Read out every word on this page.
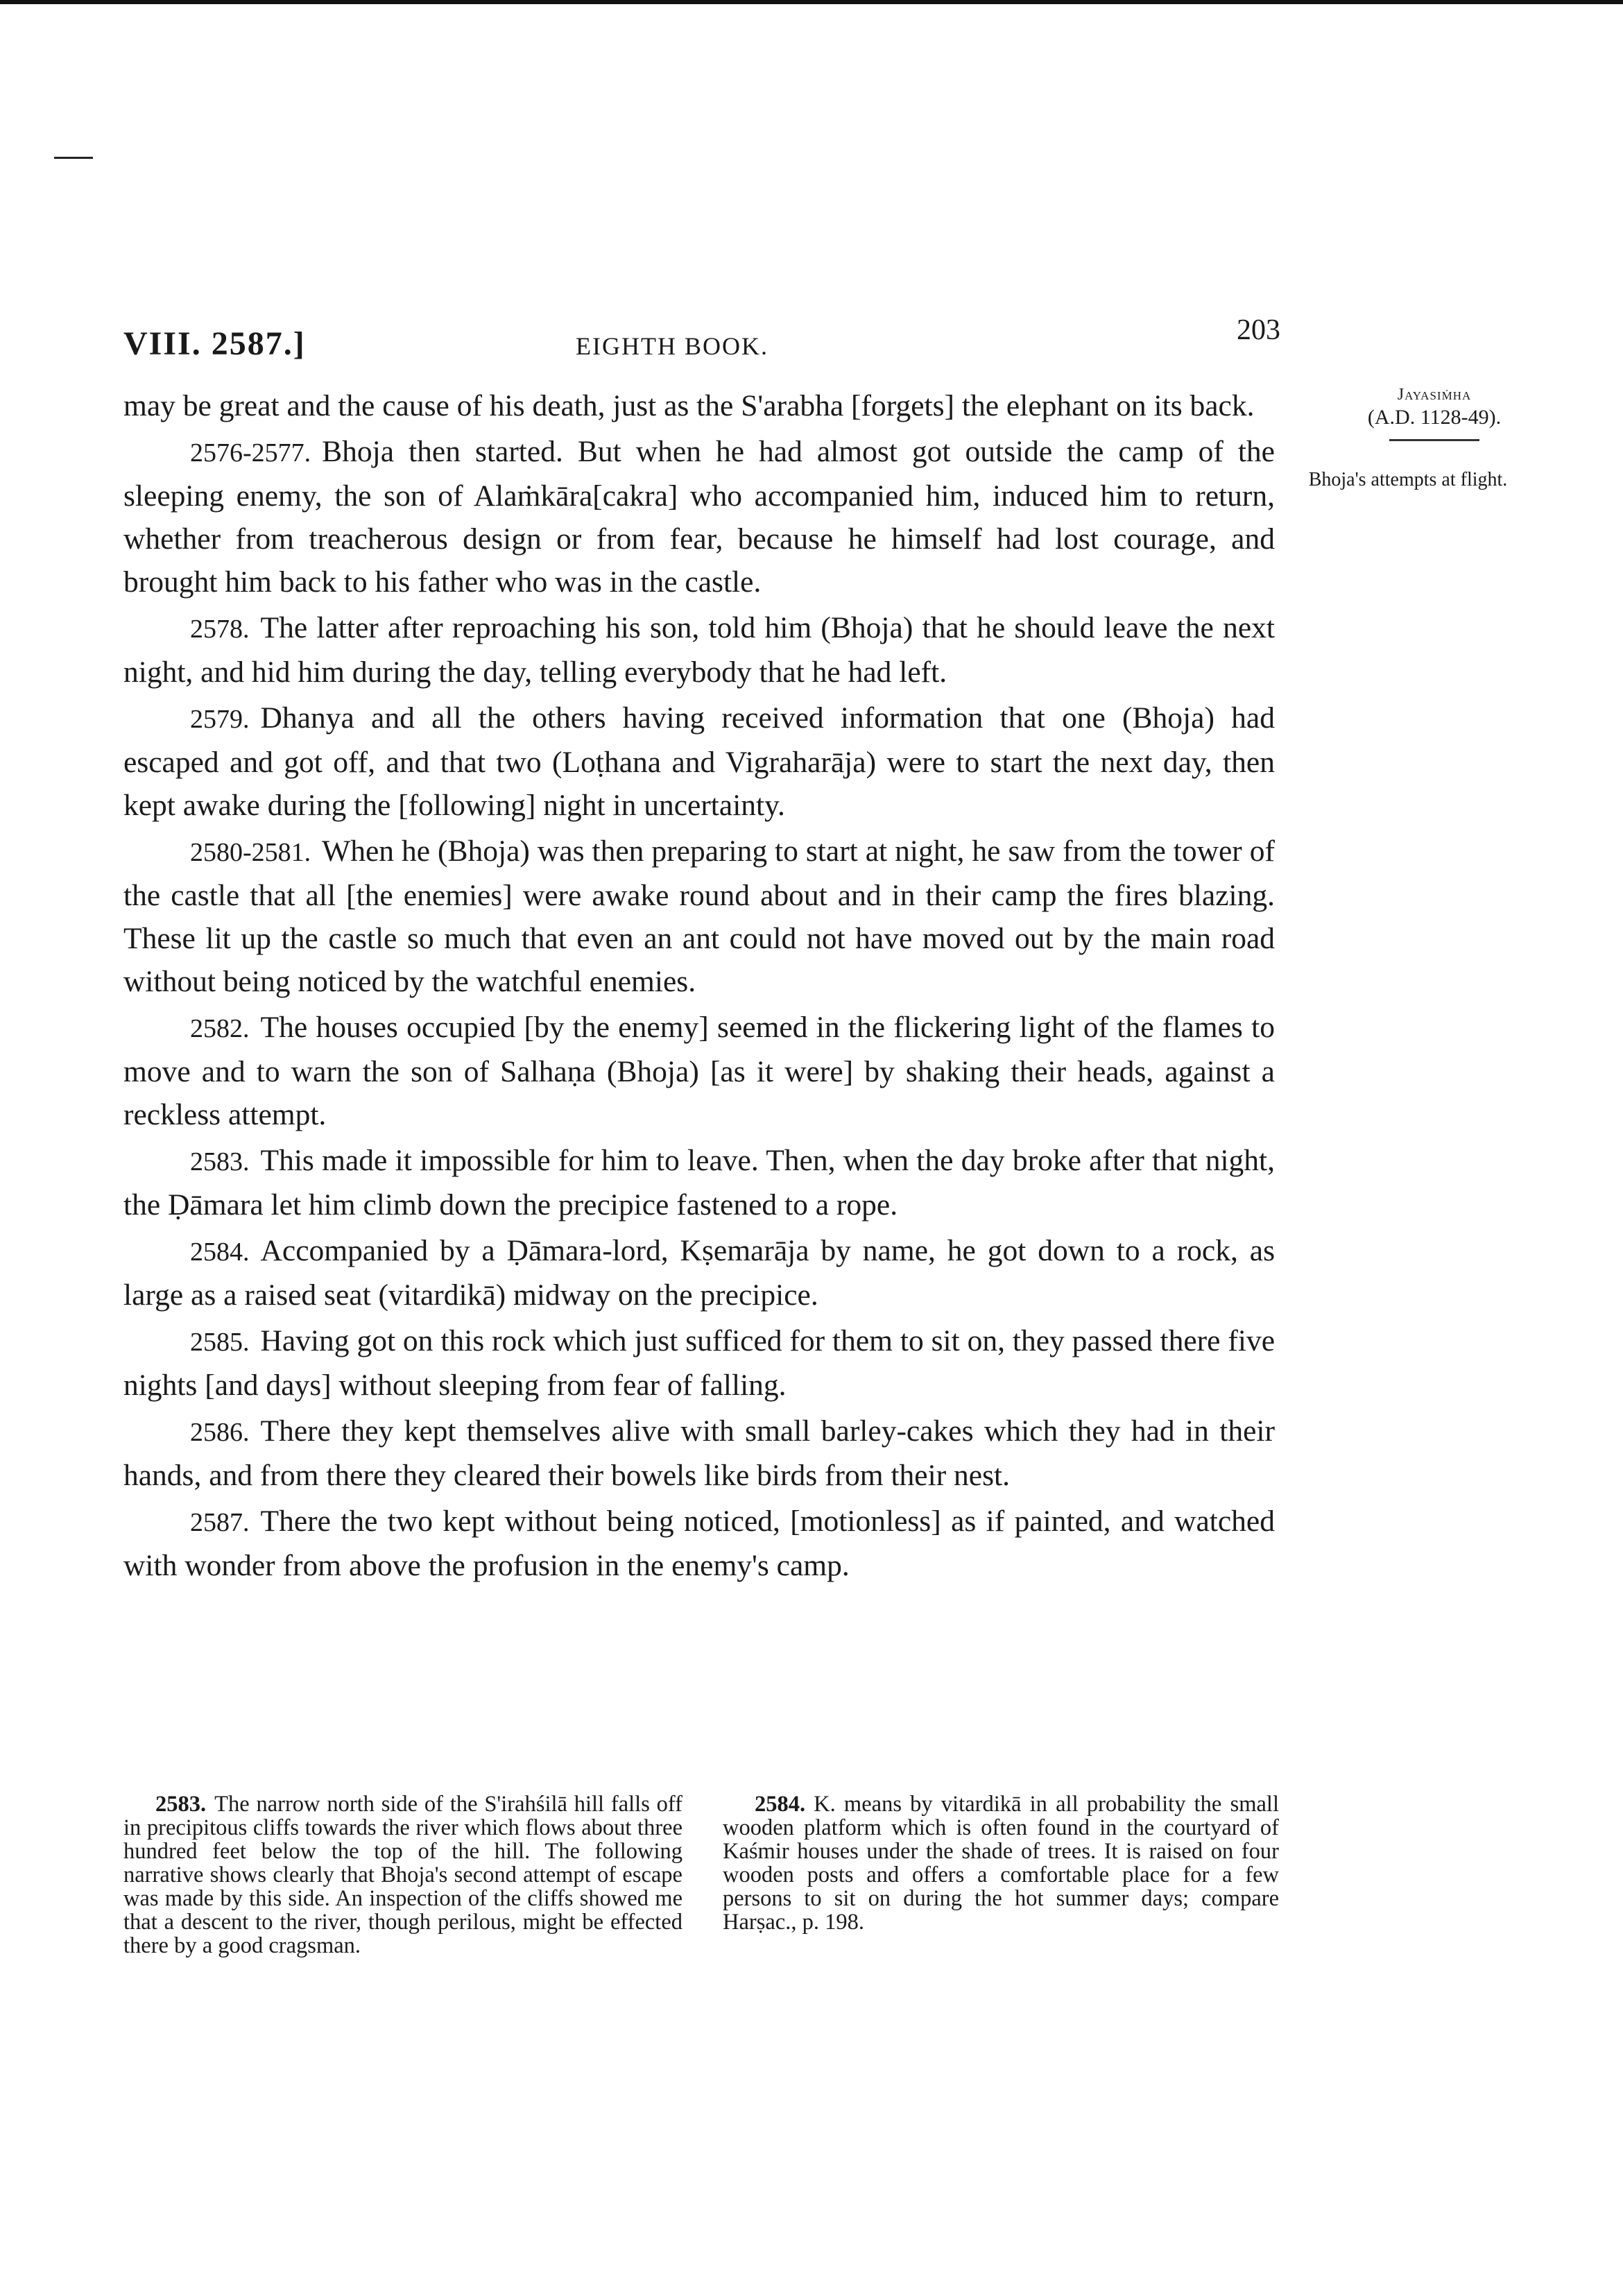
VIII. 2587.]	EIGHTH BOOK.	203
Jayasiṁha
(A.D. 1128-49).
Bhoja's attempts at flight.

may be great and the cause of his death, just as the S'arabha [forgets] the elephant on its back.

2576-2577. Bhoja then started. But when he had almost got outside the camp of the sleeping enemy, the son of Alaṁkāra[cakra] who accompanied him, induced him to return, whether from treacherous design or from fear, because he himself had lost courage, and brought him back to his father who was in the castle.

2578. The latter after reproaching his son, told him (Bhoja) that he should leave the next night, and hid him during the day, telling everybody that he had left.

2579. Dhanya and all the others having received information that one (Bhoja) had escaped and got off, and that two (Loṭhana and Vigraharāja) were to start the next day, then kept awake during the [following] night in uncertainty.

2580-2581. When he (Bhoja) was then preparing to start at night, he saw from the tower of the castle that all [the enemies] were awake round about and in their camp the fires blazing. These lit up the castle so much that even an ant could not have moved out by the main road without being noticed by the watchful enemies.

2582. The houses occupied [by the enemy] seemed in the flickering light of the flames to move and to warn the son of Salhaṇa (Bhoja) [as it were] by shaking their heads, against a reckless attempt.

2583. This made it impossible for him to leave. Then, when the day broke after that night, the Ḍāmara let him climb down the precipice fastened to a rope.

2584. Accompanied by a Ḍāmara-lord, Kṣemarāja by name, he got down to a rock, as large as a raised seat (vitardikā) midway on the precipice.

2585. Having got on this rock which just sufficed for them to sit on, they passed there five nights [and days] without sleeping from fear of falling.

2586. There they kept themselves alive with small barley-cakes which they had in their hands, and from there they cleared their bowels like birds from their nest.

2587. There the two kept without being noticed, [motionless] as if painted, and watched with wonder from above the profusion in the enemy's camp.

2583. The narrow north side of the S'irahśilā hill falls off in precipitous cliffs towards the river which flows about three hundred feet below the top of the hill. The following narrative shows clearly that Bhoja's second attempt of escape was made by this side. An inspection of the cliffs showed me that a descent to the river, though perilous, might be effected there by a good cragsman.
2584. K. means by vitardikā in all probability the small wooden platform which is often found in the courtyard of Kaśmir houses under the shade of trees. It is raised on four wooden posts and offers a comfortable place for a few persons to sit on during the hot summer days; compare Harṣac., p. 198.
